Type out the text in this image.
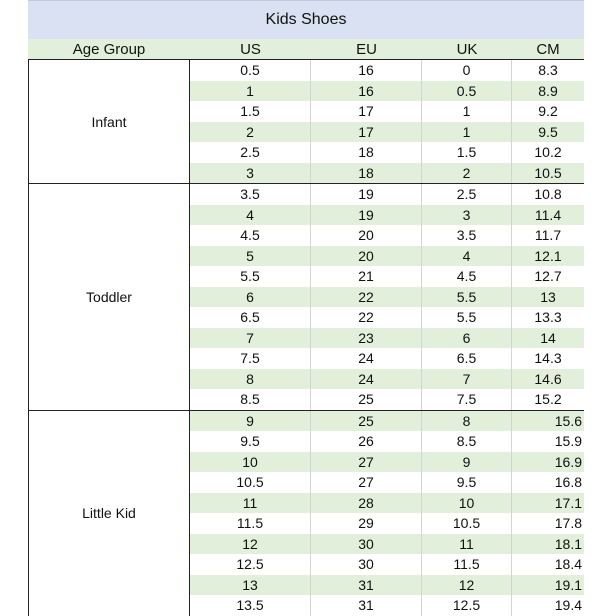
Kids Shoes
Age Group	US	EU	UK	CM
Infant
0.5	16	0	8.3
1	16	0.5	8.9
1.5	17	1	9.2
2	17	1	9.5
2.5	18	1.5	10.2
3	18	2	10.5
Toddler
3.5	19	2.5	10.8
4	19	3	11.4
4.5	20	3.5	11.7
5	20	4	12.1
5.5	21	4.5	12.7
6	22	5.5	13
6.5	22	5.5	13.3
7	23	6	14
7.5	24	6.5	14.3
8	24	7	14.6
8.5	25	7.5	15.2
Little Kid
9	25	8	15.6
9.5	26	8.5	15.9
10	27	9	16.9
10.5	27	9.5	16.8
11	28	10	17.1
11.5	29	10.5	17.8
12	30	11	18.1
12.5	30	11.5	18.4
13	31	12	19.1
13.5	31	12.5	19.4
